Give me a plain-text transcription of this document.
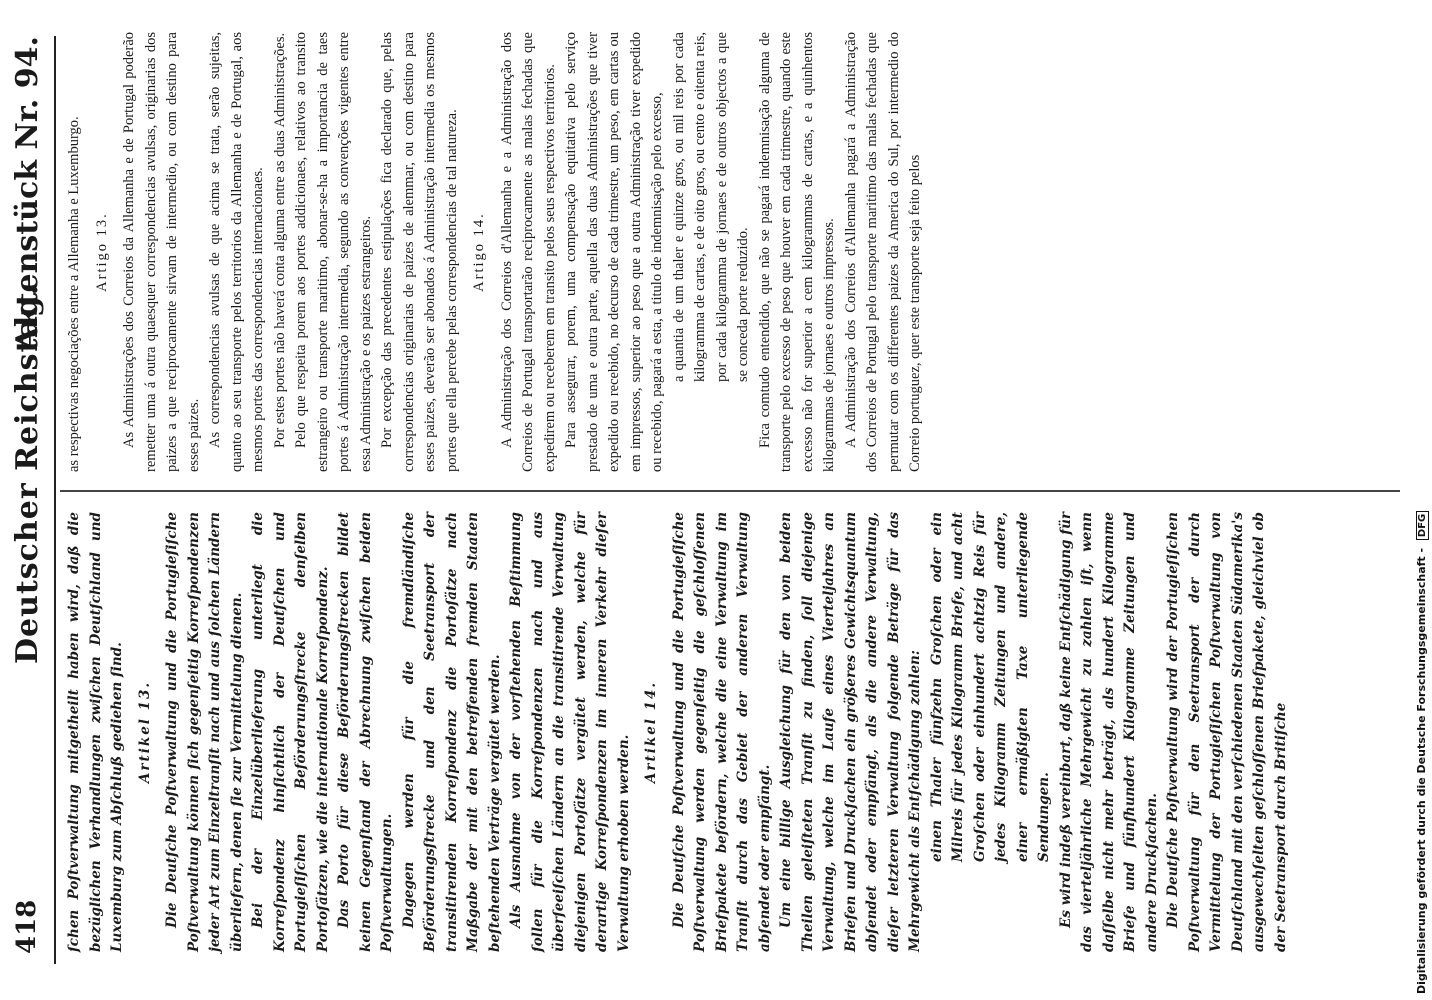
418
Deutscher Reichstag.
Aktenstück Nr. 94.

ſchen Poſtverwaltung mitgetheilt haben wird, daß die bezüglichen Verhandlungen zwiſchen Deutſchland und Luxemburg zum Abſchluß gediehen ſind. Artikel 13. Die Deutſche Poſtverwaltung und die Portugieſiſche Poſtverwaltung können ſich gegenſeitig Korreſpondenzen jeder Art zum Einzeltranſit nach und aus ſolchen Ländern überliefern, denen ſie zur Vermittelung dienen. Bei der Einzelüberlieferung unterliegt die Korreſpondenz hinſichtlich der Deutſchen und Portugieſiſchen Beförderungsſtrecke denſelben Portoſätzen, wie die internationale Korreſpondenz. Das Porto für diese Beförderungsſtrecken bildet keinen Gegenſtand der Abrechnung zwiſchen beiden Poſtverwaltungen. Dagegen werden für die fremdländiſche Beförderungsſtrecke und den Seetransport der transitirenden Korreſpondenz die Portoſätze nach Maßgabe der mit den betreffenden fremden Staaten beſtehenden Verträge vergütet werden. Als Ausnahme von der vorſtehenden Beſtimmung ſollen für die Korreſpondenzen nach und aus überſeeiſchen Ländern an die transitirende Verwaltung diejenigen Portoſätze vergütet werden, welche für derartige Korreſpondenzen im inneren Verkehr dieſer Verwaltung erhoben werden.

Artikel 14. Die Deutſche Poſtverwaltung und die Portugieſiſche Poſtverwaltung werden gegenſeitig die geſchloſſenen Briefpakete befördern, welche die eine Verwaltung im Tranſit durch das Gebiet der anderen Verwaltung abſendet oder empfängt. Um eine billige Ausgleichung für den von beiden Theilen geleiſteten Tranſit zu finden, ſoll diejenige Verwaltung, welche im Laufe eines Vierteljahres an Briefen und Druckſachen ein größeres Gewichtsquantum abſendet oder empfängt, als die andere Verwaltung, dieſer letzteren Verwaltung folgende Beträge für das Mehrgewicht als Entſchädigung zahlen: einen Thaler fünfzehn Groſchen oder ein Milreis für jedes Kilogramm Briefe, und acht Groſchen oder einhundert achtzig Reis für jedes Kilogramm Zeitungen und andere, einer ermäßigten Taxe unterliegende Sendungen. Es wird indeß vereinbart, daß keine Entſchädigung für das vierteljährliche Mehrgewicht zu zahlen iſt, wenn daſſelbe nicht mehr beträgt, als hundert Kilogramme Briefe und fünfhundert Kilogramme Zeitungen und andere Druckſachen. Die Deutſche Poſtverwaltung wird der Portugieſiſchen Poſtverwaltung für den Seetransport der durch Vermittelung der Portugieſiſchen Poſtverwaltung von Deutſchland mit den verſchiedenen Staaten Südamerika's ausgewechſelten geſchloſſenen Briefpakete, gleichviel ob der Seetransport durch Britiſche

as respectivas negociações entre a Allemanha e Luxemburgo. Artigo 13. As Administrações dos Correios da Allemanha e de Portugal poderão remetter uma á outra quaesquer correspondencias avulsas, originarias dos paizes a que reciprocamente sirvam de intermedio, ou com destino para esses paizes. As correspondencias avulsas de que acima se trata, serão sujeitas, quanto ao seu transporte pelos territorios da Allemanha e de Portugal, aos mesmos portes das correspondencias internacionaes. Por estes portes não haverá conta alguma entre as duas Administrações. Pelo que respeita porem aos portes addicionaes, relativos ao transito estrangeiro ou transporte maritimo, abonar-se-ha a importancia de taes portes á Administração intermedia, segundo as convenções vigentes entre essa Administração e os paizes estrangeiros. Por excepção das precedentes estipulações fica declarado que, pelas correspondencias originarias de paizes de alemmar, ou com destino para esses paizes, deverão ser abonados á Administração intermedia os mesmos portes que ella percebe pelas correspondencias de tal natureza. Artigo 14. A Administração dos Correios d'Allemanha e a Administração dos Correios de Portugal transportarão reciprocamente as malas fechadas que expedirem ou receberem em transito pelos seus respectivos territorios. Para assegurar, porem, uma compensação equitativa pelo serviço prestado de uma e outra parte, aquella das duas Administrações que tiver expedido ou recebido, no decurso de cada trimestre, um peso, em cartas ou em impressos, superior ao peso que a outra Administração tiver expedido ou recebido, pagará a esta, a titulo de indemnisação pelo excesso, a quantia de um thaler e quinze gros, ou mil reis por cada kilogramma de cartas, e de oito gros, ou cento e oitenta reis, por cada kilogramma de jornaes e de outros objectos a que se conceda porte reduzido. Fica comtudo entendido, que não se pagará indemnisação alguma de transporte pelo excesso de peso que houver em cada trimestre, quando este excesso não for superior a cem kilogrammas de cartas, e a quinhentos kilogrammas de jornaes e outros impressos. A Administração dos Correios d'Allemanha pagará a Administração dos Correios de Portugal pelo transporte maritimo das malas fechadas que permutar com os differentes paizes da America do Sul, por intermedio do Correio portuguez, quer este transporte seja feito pelos

Digitalisierung gefördert durch die Deutsche Forschungsgemeinschaft - DFG
